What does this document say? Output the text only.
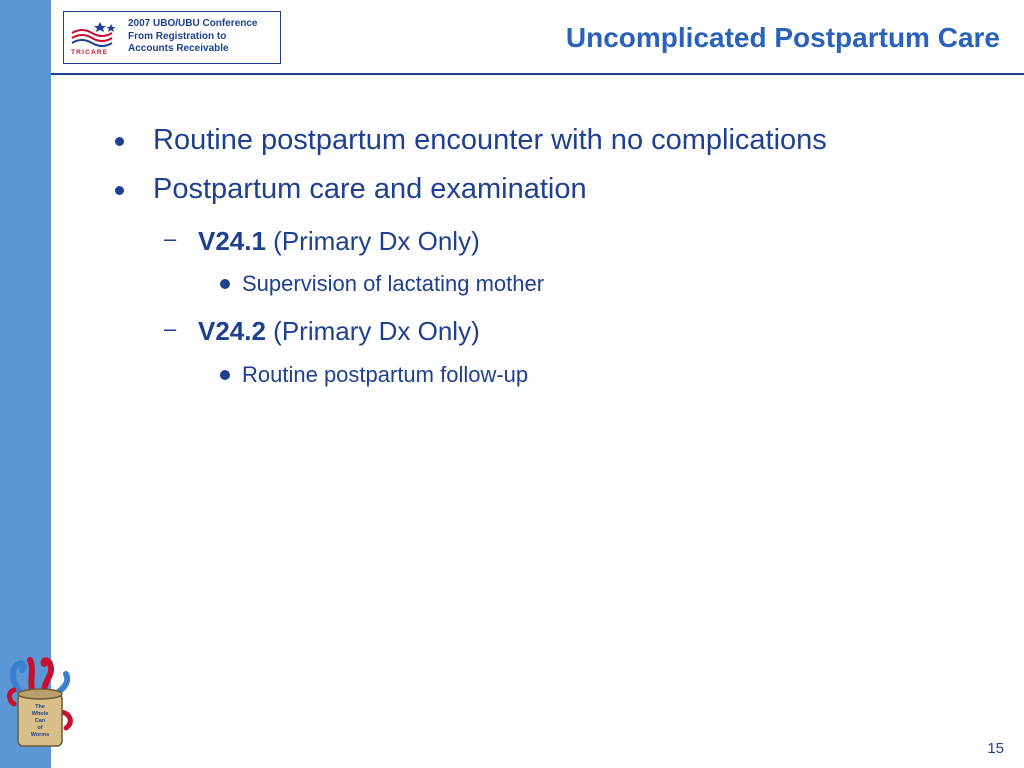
TRICARE
2007 UBO/UBU Conference
From Registration to
Accounts Receivable	Uncomplicated Postpartum Care
Routine postpartum encounter with no complications
Postpartum care and examination
– V24.1 (Primary Dx Only)
Supervision of lactating mother
– V24.2 (Primary Dx Only)
Routine postpartum follow-up
The
Whole
Can
of
Worms
15
